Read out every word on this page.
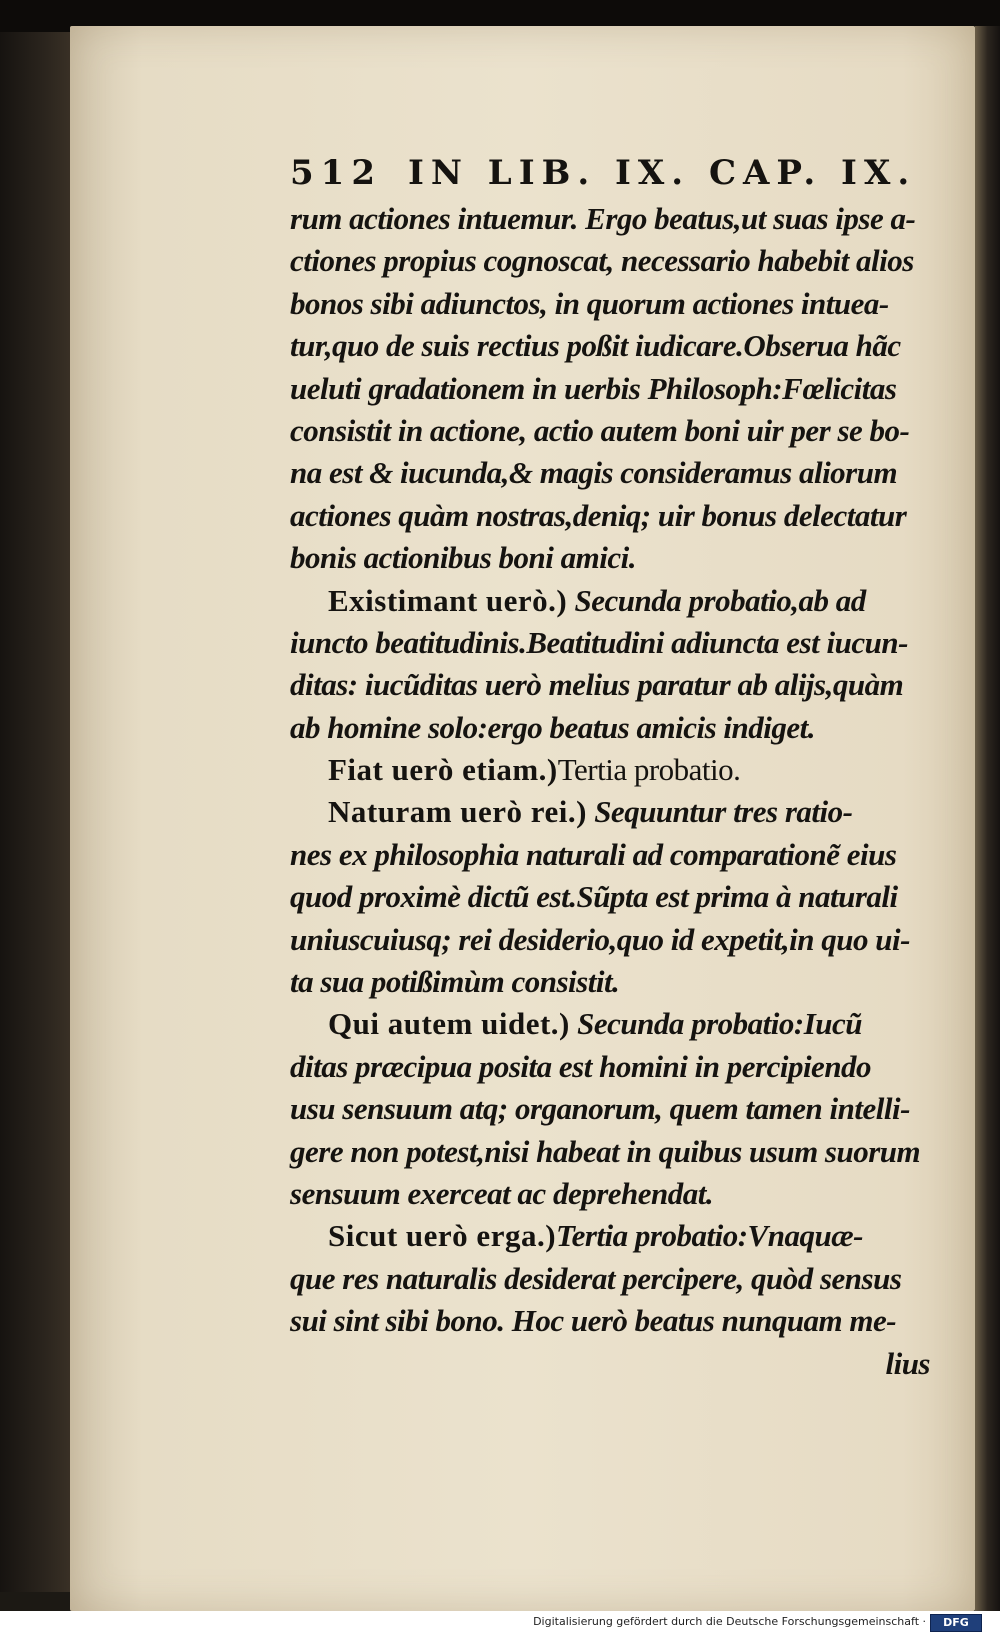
512 IN LIB. IX. CAP. IX.
rum actiones intuemur. Ergo beatus,ut suas ipse a-
ctiones propius cognoscat, necessario habebit alios
bonos sibi adiunctos, in quorum actiones intuea-
tur,quo de suis rectius poßit iudicare.Obserua hãc
ueluti gradationem in uerbis Philosoph:Fœlicitas
consistit in actione, actio autem boni uir per se bo-
na est & iucunda,& magis consideramus aliorum
actiones quàm nostras,deniq; uir bonus delectatur
bonis actionibus boni amici.
Existimant uerò.) Secunda probatio,ab ad
iuncto beatitudinis.Beatitudini adiuncta est iucun-
ditas: iucũditas uerò melius paratur ab alijs,quàm
ab homine solo:ergo beatus amicis indiget.
Fiat uerò etiam.)Tertia probatio.
Naturam uerò rei.) Sequuntur tres ratio-
nes ex philosophia naturali ad comparationẽ eius
quod proximè dictũ est.Sũpta est prima à naturali
uniuscuiusq; rei desiderio,quo id expetit,in quo ui-
ta sua potißimùm consistit.
Qui autem uidet.) Secunda probatio:Iucũ
ditas præcipua posita est homini in percipiendo
usu sensuum atq; organorum, quem tamen intelli-
gere non potest,nisi habeat in quibus usum suorum
sensuum exerceat ac deprehendat.
Sicut uerò erga.)Tertia probatio:Vnaquæ-
que res naturalis desiderat percipere, quòd sensus
sui sint sibi bono. Hoc uerò beatus nunquam me-
lius
Digitalisierung gefördert durch die Deutsche Forschungsgemeinschaft ·	DFG
